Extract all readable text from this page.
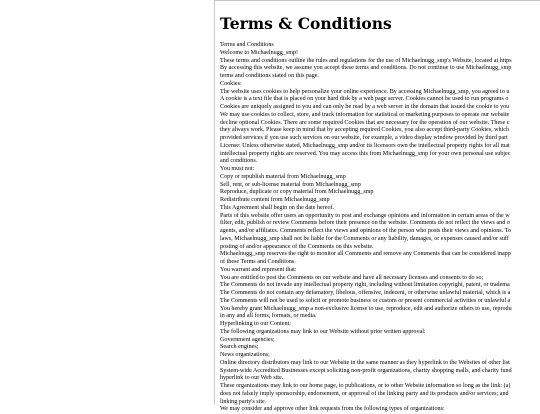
Terms & Conditions
Terms and Conditions
Welcome to Michaelnugg_smp!
These terms and conditions outline the rules and regulations for the use of Michaelnugg_smp's Website, located at https
By accessing this website, we assume you accept these terms and conditions. Do not continue to use Michaelnugg_smp
terms and conditions stated on this page.
Cookies:
The website uses cookies to help personalize your online experience. By accessing Michaelnugg_smp, you agreed to u
A cookie is a text file that is placed on your hard disk by a web page server. Cookies cannot be used to run programs o
Cookies are uniquely assigned to you and can only be read by a web server in the domain that issued the cookie to you
We may use cookies to collect, store, and track information for statistical or marketing purposes to operate our website
decline optional Cookies. There are some required Cookies that are necessary for the operation of our website. These c
they always work. Please keep in mind that by accepting required Cookies, you also accept third-party Cookies, which
provided services if you use such services on our website, for example, a video display window provided by third part
License: Unless otherwise stated, Michaelnugg_smp and/or its licensors own the intellectual property rights for all mat
intellectual property rights are reserved. You may access this from Michaelnugg_smp for your own personal use subjec
and conditions.
You must not:
Copy or republish material from Michaelnugg_smp
Sell, rent, or sub-license material from Michaelnugg_smp
Reproduce, duplicate or copy material from Michaelnugg_smp
Redistribute content from Michaelnugg_smp
This Agreement shall begin on the date hereof.
Parts of this website offer users an opportunity to post and exchange opinions and information in certain areas of the w
filter, edit, publish or review Comments before their presence on the website. Comments do not reflect the views and o
agents, and/or affiliates. Comments reflect the views and opinions of the person who posts their views and opinions. To
laws, Michaelnugg_smp shall not be liable for the Comments or any liability, damages, or expenses caused and/or suff
posting of and/or appearance of the Comments on this website.
Michaelnugg_smp reserves the right to monitor all Comments and remove any Comments that can be considered inapp
of these Terms and Conditions.
You warrant and represent that:
You are entitled to post the Comments on our website and have all necessary licenses and consents to do so;
The Comments do not invade any intellectual property right, including without limitation copyright, patent, or tradema
The Comments do not contain any defamatory, libelous, offensive, indecent, or otherwise unlawful material, which is a
The Comments will not be used to solicit or promote business or custom or present commercial activities or unlawful a
You hereby grant Michaelnugg_smp a non-exclusive license to use, reproduce, edit and authorize others to use, reprodu
in any and all forms, formats, or media.
Hyperlinking to our Content:
The following organizations may link to our Website without prior written approval:
Government agencies;
Search engines;
News organizations;
Online directory distributors may link to our Website in the same manner as they hyperlink to the Websites of other list
System-wide Accredited Businesses except soliciting non-profit organizations, charity shopping malls, and charity fund
hyperlink to our Web site.
These organizations may link to our home page, to publications, or to other Website information so long as the link: (a)
does not falsely imply sponsorship, endorsement, or approval of the linking party and its products and/or services; and
linking party's site.
We may consider and approve other link requests from the following types of organizations:
